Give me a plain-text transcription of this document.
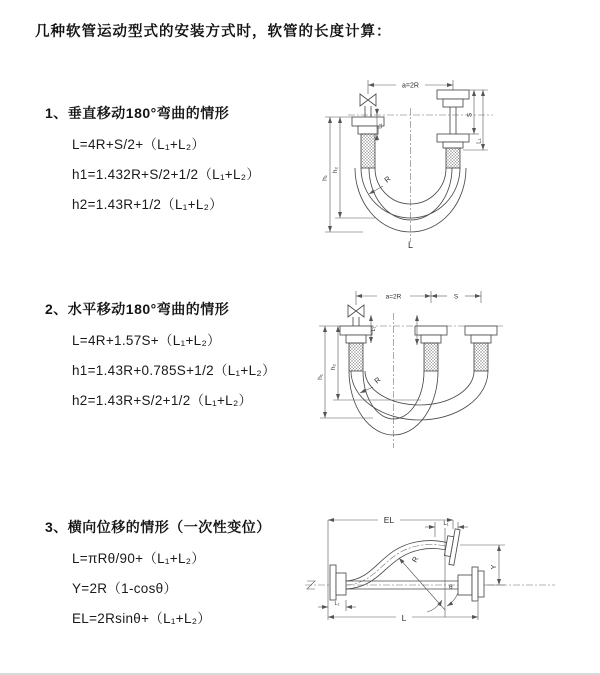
几种软管运动型式的安装方式时，软管的长度计算：
1、垂直移动180°弯曲的情形
L=4R+S/2+（L₁+L₂）
h1=1.432R+S/2+1/2（L₁+L₂）
h2=1.43R+1/2（L₁+L₂）
2、水平移动180°弯曲的情形
L=4R+1.57S+（L₁+L₂）
h1=1.43R+0.785S+1/2（L₁+L₂）
h2=1.43R+S/2+1/2（L₁+L₂）
3、横向位移的情形（一次性变位）
L=πRθ/90+（L₁+L₂）
Y=2R（1-cosθ）
EL=2Rsinθ+（L₁+L₂）
a=2R
h₁
h₂
S
L₁
L₁
R
L
a=2R	S
h₁
h₂
L₁
R
EL	L₁
Y
R
θ
L₁
L
